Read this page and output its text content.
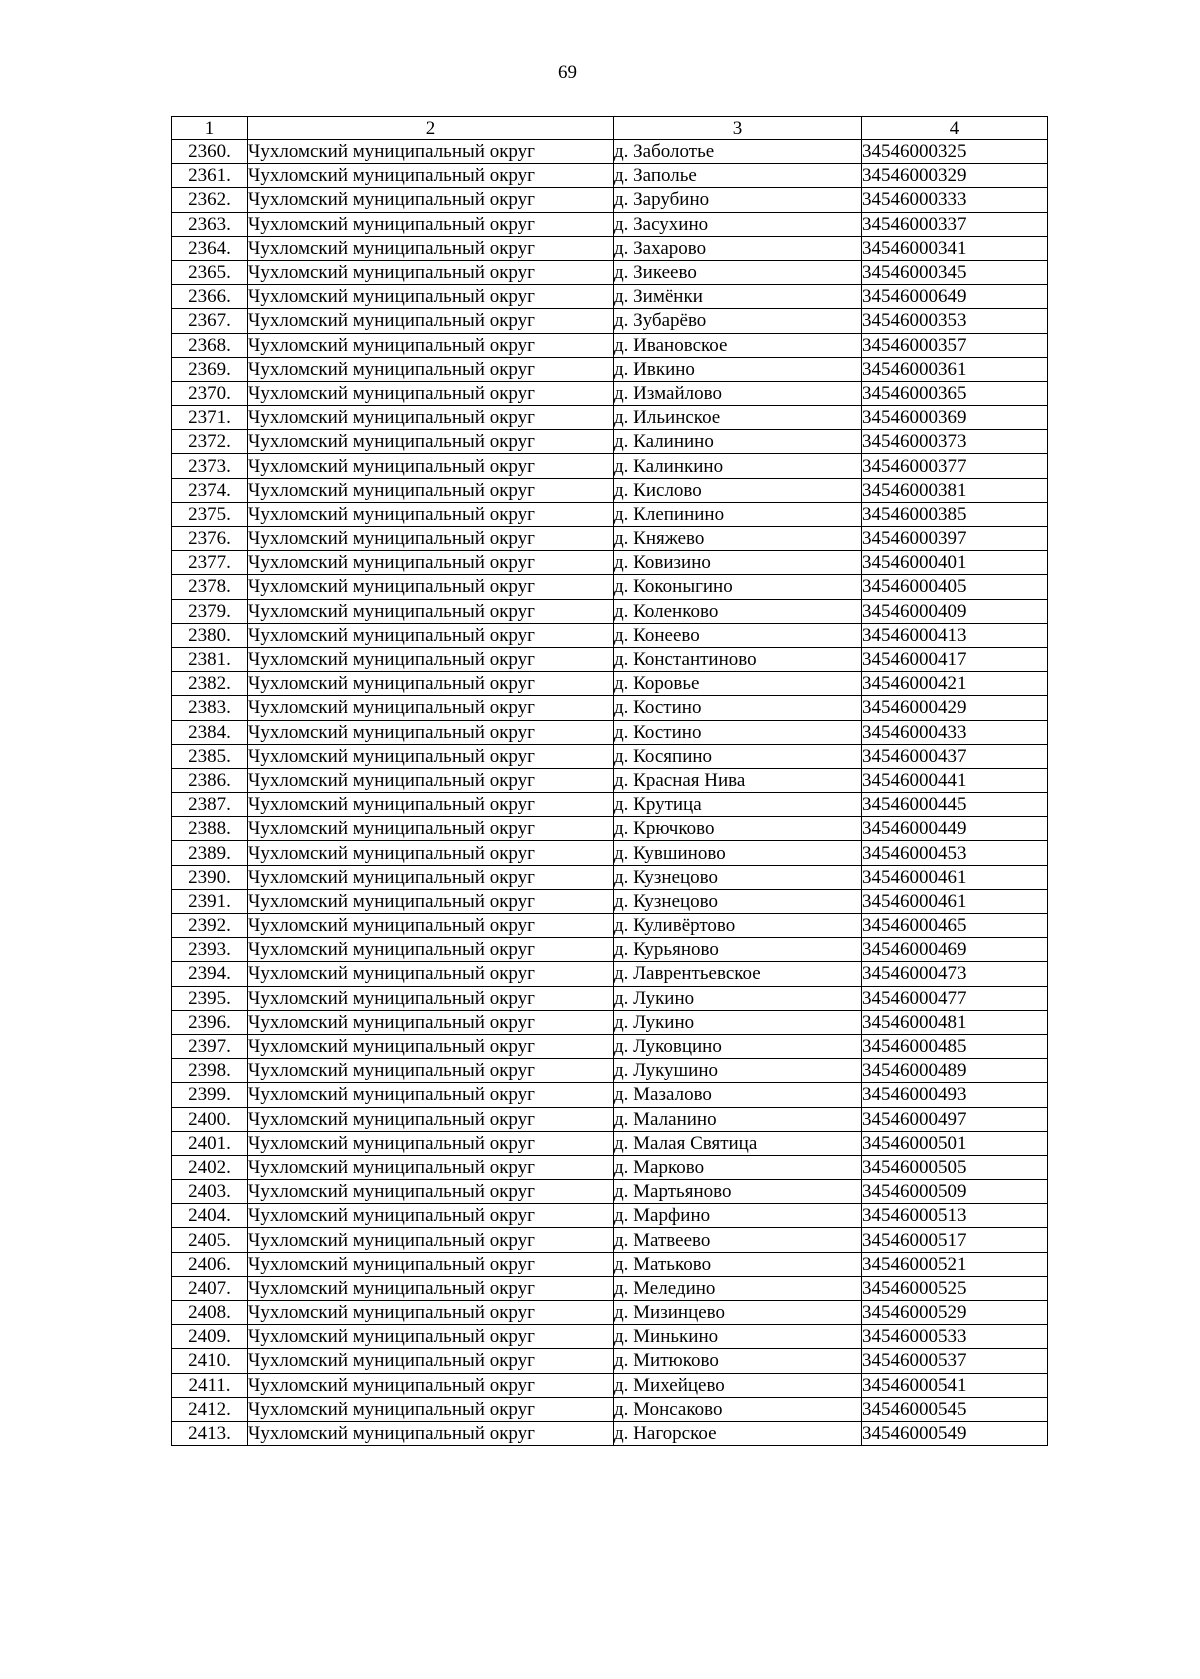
69
1	2	3	4
2360.	Чухломский муниципальный округ	д. Заболотье	34546000325
2361.	Чухломский муниципальный округ	д. Заполье	34546000329
2362.	Чухломский муниципальный округ	д. Зарубино	34546000333
2363.	Чухломский муниципальный округ	д. Засухино	34546000337
2364.	Чухломский муниципальный округ	д. Захарово	34546000341
2365.	Чухломский муниципальный округ	д. Зикеево	34546000345
2366.	Чухломский муниципальный округ	д. Зимёнки	34546000649
2367.	Чухломский муниципальный округ	д. Зубарёво	34546000353
2368.	Чухломский муниципальный округ	д. Ивановское	34546000357
2369.	Чухломский муниципальный округ	д. Ивкино	34546000361
2370.	Чухломский муниципальный округ	д. Измайлово	34546000365
2371.	Чухломский муниципальный округ	д. Ильинское	34546000369
2372.	Чухломский муниципальный округ	д. Калинино	34546000373
2373.	Чухломский муниципальный округ	д. Калинкино	34546000377
2374.	Чухломский муниципальный округ	д. Кислово	34546000381
2375.	Чухломский муниципальный округ	д. Клепинино	34546000385
2376.	Чухломский муниципальный округ	д. Княжево	34546000397
2377.	Чухломский муниципальный округ	д. Ковизино	34546000401
2378.	Чухломский муниципальный округ	д. Коконыгино	34546000405
2379.	Чухломский муниципальный округ	д. Коленково	34546000409
2380.	Чухломский муниципальный округ	д. Конеево	34546000413
2381.	Чухломский муниципальный округ	д. Константиново	34546000417
2382.	Чухломский муниципальный округ	д. Коровье	34546000421
2383.	Чухломский муниципальный округ	д. Костино	34546000429
2384.	Чухломский муниципальный округ	д. Костино	34546000433
2385.	Чухломский муниципальный округ	д. Косяпино	34546000437
2386.	Чухломский муниципальный округ	д. Красная Нива	34546000441
2387.	Чухломский муниципальный округ	д. Крутица	34546000445
2388.	Чухломский муниципальный округ	д. Крючково	34546000449
2389.	Чухломский муниципальный округ	д. Кувшиново	34546000453
2390.	Чухломский муниципальный округ	д. Кузнецово	34546000461
2391.	Чухломский муниципальный округ	д. Кузнецово	34546000461
2392.	Чухломский муниципальный округ	д. Куливёртово	34546000465
2393.	Чухломский муниципальный округ	д. Курьяново	34546000469
2394.	Чухломский муниципальный округ	д. Лаврентьевское	34546000473
2395.	Чухломский муниципальный округ	д. Лукино	34546000477
2396.	Чухломский муниципальный округ	д. Лукино	34546000481
2397.	Чухломский муниципальный округ	д. Луковцино	34546000485
2398.	Чухломский муниципальный округ	д. Лукушино	34546000489
2399.	Чухломский муниципальный округ	д. Мазалово	34546000493
2400.	Чухломский муниципальный округ	д. Маланино	34546000497
2401.	Чухломский муниципальный округ	д. Малая Святица	34546000501
2402.	Чухломский муниципальный округ	д. Марково	34546000505
2403.	Чухломский муниципальный округ	д. Мартьяново	34546000509
2404.	Чухломский муниципальный округ	д. Марфино	34546000513
2405.	Чухломский муниципальный округ	д. Матвеево	34546000517
2406.	Чухломский муниципальный округ	д. Матьково	34546000521
2407.	Чухломский муниципальный округ	д. Меледино	34546000525
2408.	Чухломский муниципальный округ	д. Мизинцево	34546000529
2409.	Чухломский муниципальный округ	д. Минькино	34546000533
2410.	Чухломский муниципальный округ	д. Митюково	34546000537
2411.	Чухломский муниципальный округ	д. Михейцево	34546000541
2412.	Чухломский муниципальный округ	д. Монсаково	34546000545
2413.	Чухломский муниципальный округ	д. Нагорское	34546000549
